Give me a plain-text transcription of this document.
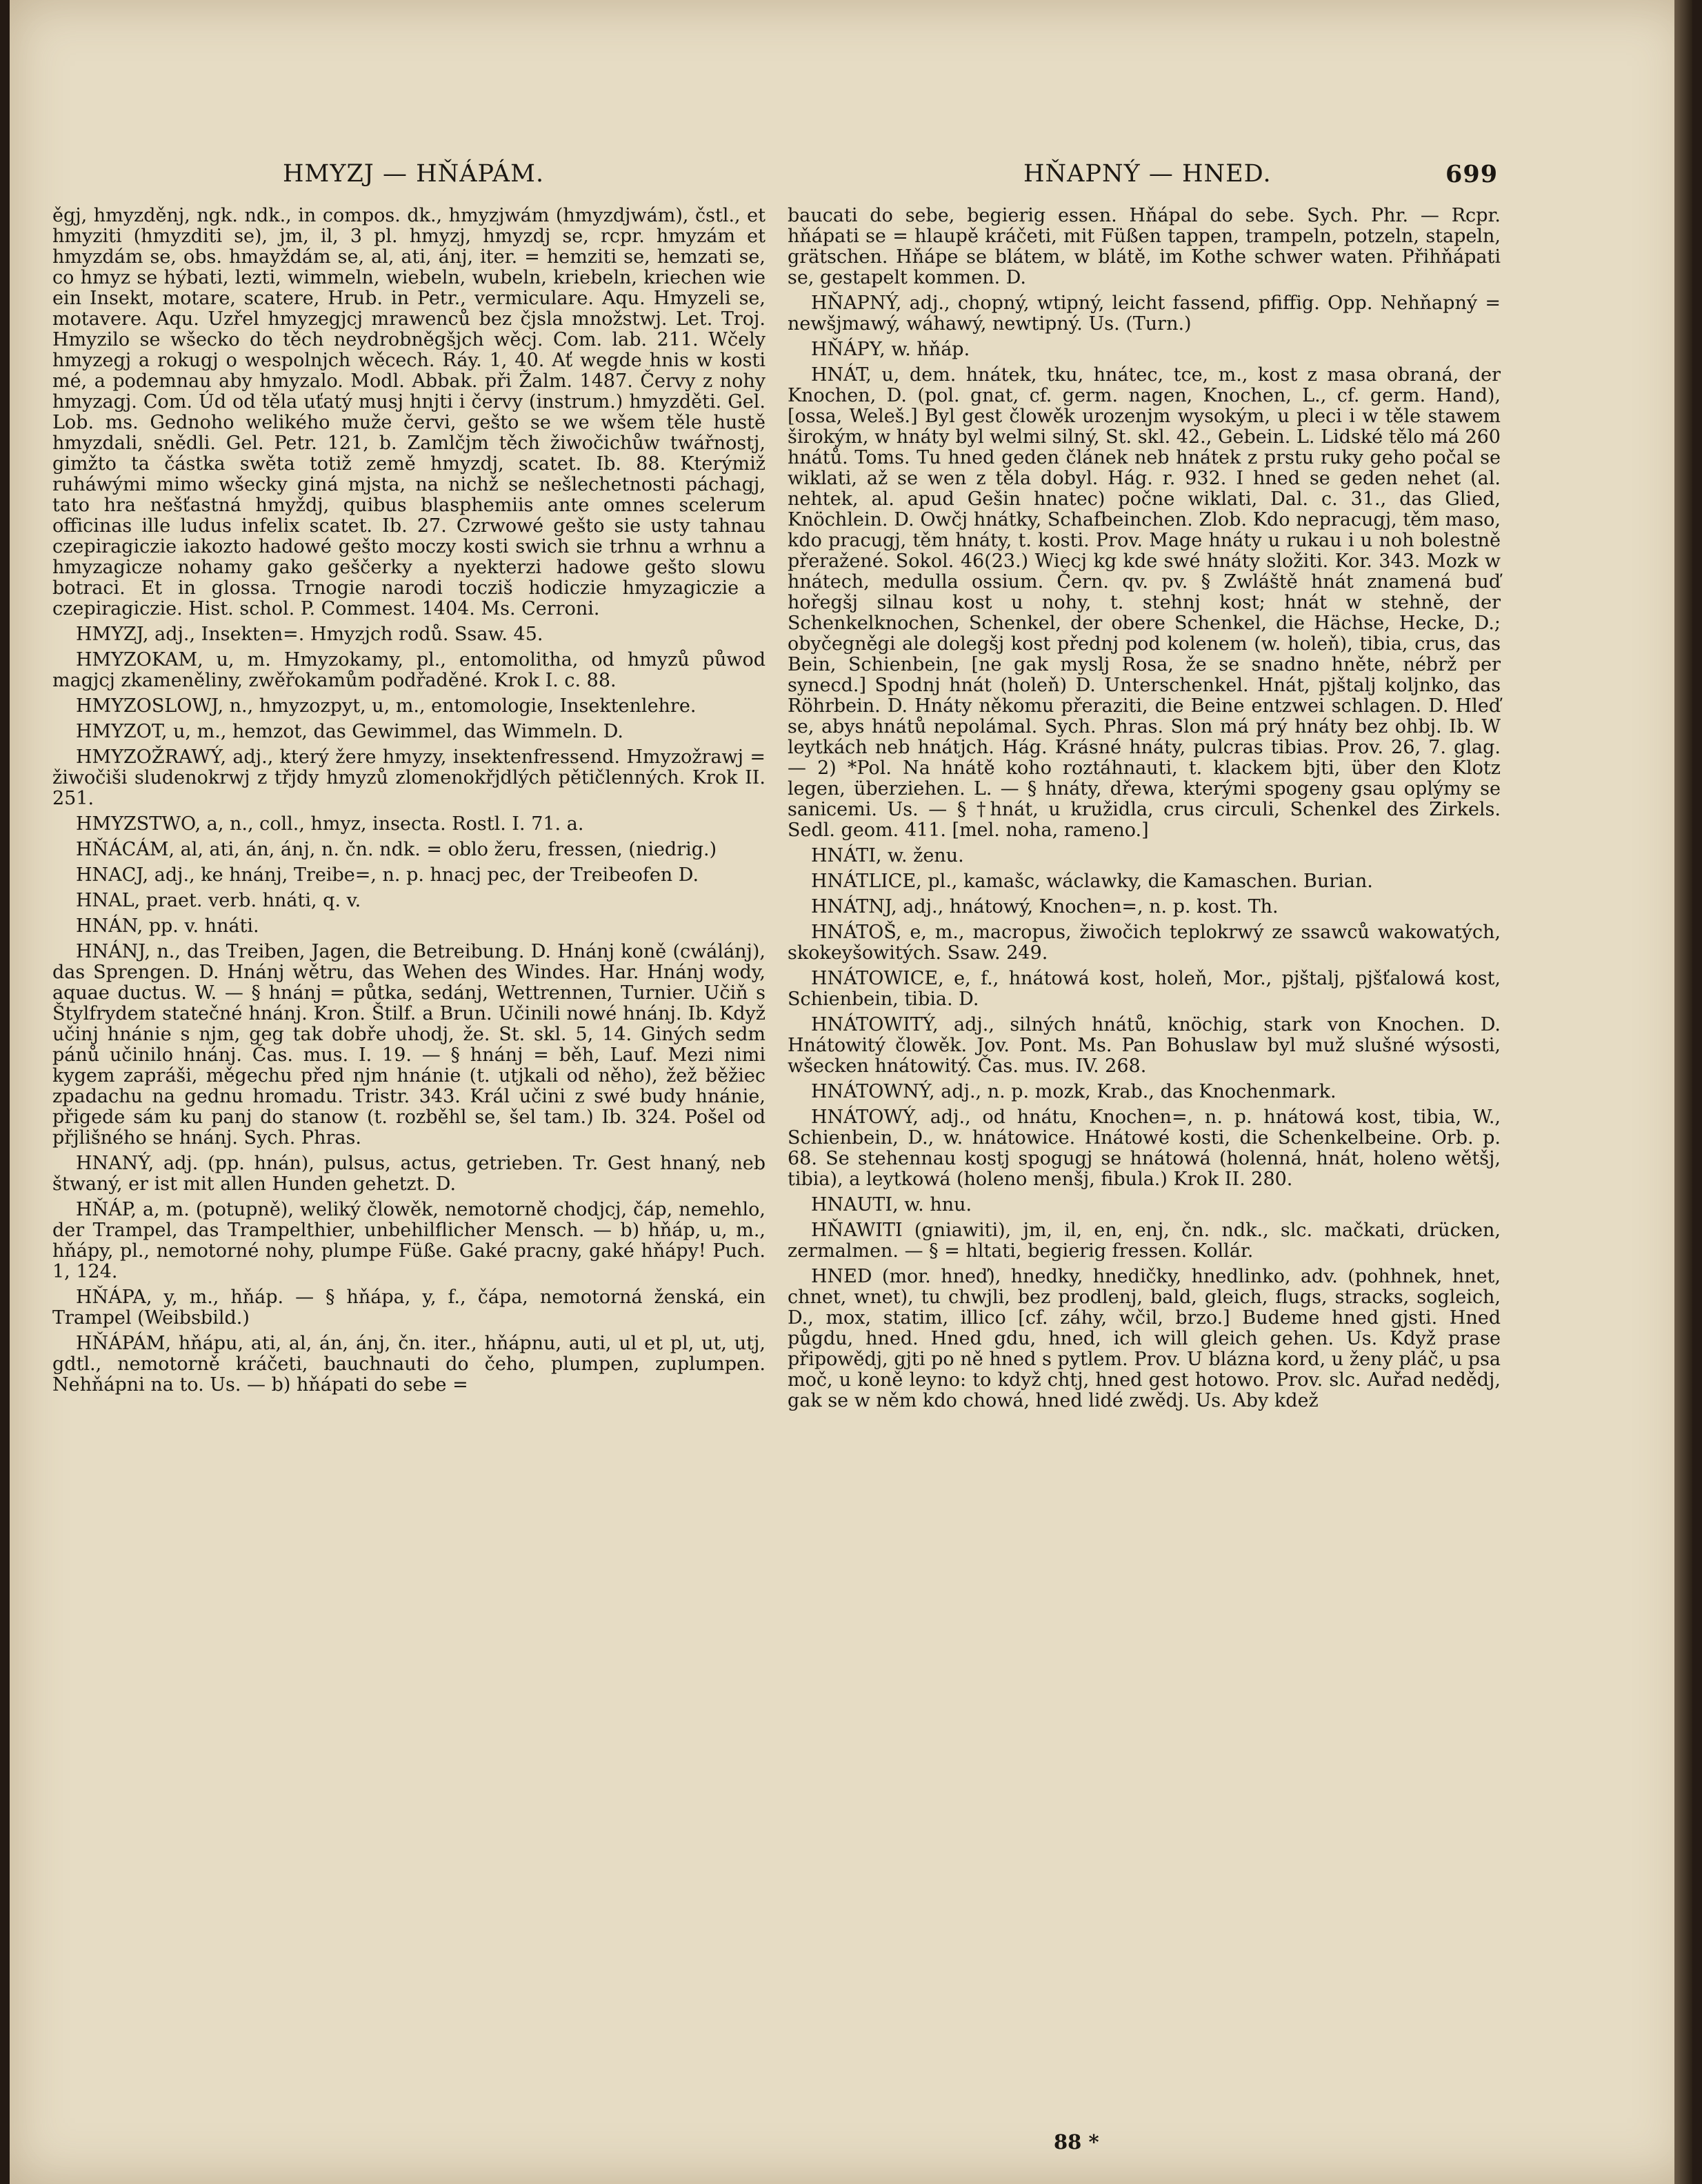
HMYZJ — HŇÁPÁM.	HŇAPNÝ — HNED.	699

ěgj, hmyzděnj, ngk. ndk., in compos. dk., hmyzjwám (hmyzdjwám), čstl., et hmyziti (hmyzditi se), jm, il, 3 pl. hmyzj, hmyzdj se, rcpr. hmyzám et hmyzdám se, obs. hmayždám se, al, ati, ánj, iter. = hemziti se, hemzati se, co hmyz se hýbati, lezti, wimmeln, wiebeln, wubeln, kriebeln, kriechen wie ein Insekt, motare, scatere, Hrub. in Petr., vermiculare. Aqu. Hmyzeli se, motavere. Aqu. Uzřel hmyzegjcj mrawenců bez čjsla množstwj. Let. Troj. Hmyzilo se wšecko do těch neydrobněgšjch wěcj. Com. lab. 211. Wčely hmyzegj a rokugj o wespolnjch wěcech. Ráy. 1, 40. Ať wegde hnis w kosti mé, a podemnau aby hmyzalo. Modl. Abbak. při Žalm. 1487. Červy z nohy hmyzagj. Com. Úd od těla uťatý musj hnjti i červy (instrum.) hmyzděti. Gel. Lob. ms. Gednoho welikého muže červi, gešto se we wšem těle hustě hmyzdali, snědli. Gel. Petr. 121, b. Zamlčjm těch žiwočichůw twářnostj, gimžto ta částka swěta totiž země hmyzdj, scatet. Ib. 88. Kterýmiž ruháwými mimo wšecky giná mjsta, na nichž se nešlechetnosti páchagj, tato hra nešťastná hmyždj, quibus blasphemiis ante omnes scelerum officinas ille ludus infelix scatet. Ib. 27. Czrwowé gešto sie usty tahnau czepiragiczie iakozto hadowé gešto moczy kosti swich sie trhnu a wrhnu a hmyzagicze nohamy gako geščerky a nyekterzi hadowe gešto slowu botraci. Et in glossa. Trnogie narodi tocziš hodiczie hmyzagiczie a czepiragiczie. Hist. schol. P. Commest. 1404. Ms. Cerroni.

HMYZJ, adj., Insekten=. Hmyzjch rodů. Ssaw. 45.

HMYZOKAM, u, m. Hmyzokamy, pl., entomolitha, od hmyzů půwod magjcj zkameněliny, zwěřokamům podřaděné. Krok I. c. 88.

HMYZOSLOWJ, n., hmyzozpyt, u, m., entomologie, Insektenlehre.

HMYZOT, u, m., hemzot, das Gewimmel, das Wimmeln. D.

HMYZOŽRAWÝ, adj., který žere hmyzy, insektenfressend. Hmyzožrawj = žiwočiši sludenokrwj z třjdy hmyzů zlomenokřjdlých pětičlenných. Krok II. 251.

HMYZSTWO, a, n., coll., hmyz, insecta. Rostl. I. 71. a.

HŇÁCÁM, al, ati, án, ánj, n. čn. ndk. = oblo žeru, fressen, (niedrig.)

HNACJ, adj., ke hnánj, Treibe=, n. p. hnacj pec, der Treibeofen D.

HNAL, praet. verb. hnáti, q. v.

HNÁN, pp. v. hnáti.

HNÁNJ, n., das Treiben, Jagen, die Betreibung. D. Hnánj koně (cwálánj), das Sprengen. D. Hnánj wětru, das Wehen des Windes. Har. Hnánj wody, aquae ductus. W. — § hnánj = půtka, sedánj, Wettrennen, Turnier. Učiň s Štylfrydem statečné hnánj. Kron. Štilf. a Brun. Učinili nowé hnánj. Ib. Když učinj hnánie s njm, geg tak dobře uhodj, že. St. skl. 5, 14. Giných sedm pánů učinilo hnánj. Čas. mus. I. 19. — § hnánj = běh, Lauf. Mezi nimi kygem zapráši, měgechu před njm hnánie (t. utjkali od něho), žež běžiec zpadachu na gednu hromadu. Tristr. 343. Král učini z swé budy hnánie, přigede sám ku panj do stanow (t. rozběhl se, šel tam.) Ib. 324. Pošel od přjlišného se hnánj. Sych. Phras.

HNANÝ, adj. (pp. hnán), pulsus, actus, getrieben. Tr. Gest hnaný, neb štwaný, er ist mit allen Hunden gehetzt. D.

HŇÁP, a, m. (potupně), weliký člowěk, nemotorně chodjcj, čáp, nemehlo, der Trampel, das Trampelthier, unbehilflicher Mensch. — b) hňáp, u, m., hňápy, pl., nemotorné nohy, plumpe Füße. Gaké pracny, gaké hňápy! Puch. 1, 124.

HŇÁPA, y, m., hňáp. — § hňápa, y, f., čápa, nemotorná ženská, ein Trampel (Weibsbild.)

HŇÁPÁM, hňápu, ati, al, án, ánj, čn. iter., hňápnu, auti, ul et pl, ut, utj, gdtl., nemotorně kráčeti, bauchnauti do čeho, plumpen, zuplumpen. Nehňápni na to. Us. — b) hňápati do sebe =

baucati do sebe, begierig essen. Hňápal do sebe. Sych. Phr. — Rcpr. hňápati se = hlaupě kráčeti, mit Füßen tappen, trampeln, potzeln, stapeln, grätschen. Hňápe se blátem, w blátě, im Kothe schwer waten. Přihňápati se, gestapelt kommen. D.

HŇAPNÝ, adj., chopný, wtipný, leicht fassend, pfiffig. Opp. Nehňapný = newšjmawý, wáhawý, newtipný. Us. (Turn.)

HŇÁPY, w. hňáp.

HNÁT, u, dem. hnátek, tku, hnátec, tce, m., kost z masa obraná, der Knochen, D. (pol. gnat, cf. germ. nagen, Knochen, L., cf. germ. Hand), [ossa, Weleš.] Byl gest člowěk urozenjm wysokým, u pleci i w těle stawem širokým, w hnáty byl welmi silný, St. skl. 42., Gebein. L. Lidské tělo má 260 hnátů. Toms. Tu hned geden článek neb hnátek z prstu ruky geho počal se wiklati, až se wen z těla dobyl. Hág. r. 932. I hned se geden nehet (al. nehtek, al. apud Gešin hnatec) počne wiklati, Dal. c. 31., das Glied, Knöchlein. D. Owčj hnátky, Schafbeinchen. Zlob. Kdo nepracugj, těm maso, kdo pracugj, těm hnáty, t. kosti. Prov. Mage hnáty u rukau i u noh bolestně přeražené. Sokol. 46(23.) Wiecj kg kde swé hnáty složiti. Kor. 343. Mozk w hnátech, medulla ossium. Čern. qv. pv. § Zwláště hnát znamená buď hořegšj silnau kost u nohy, t. stehnj kost; hnát w stehně, der Schenkelknochen, Schenkel, der obere Schenkel, die Hächse, Hecke, D.; obyčegněgi ale dolegšj kost přednj pod kolenem (w. holeň), tibia, crus, das Bein, Schienbein, [ne gak myslj Rosa, že se snadno hněte, nébrž per synecd.] Spodnj hnát (holeň) D. Unterschenkel. Hnát, pjštalj koljnko, das Röhrbein. D. Hnáty někomu přeraziti, die Beine entzwei schlagen. D. Hleď se, abys hnátů nepolámal. Sych. Phras. Slon má prý hnáty bez ohbj. Ib. W leytkách neb hnátjch. Hág. Krásné hnáty, pulcras tibias. Prov. 26, 7. glag. — 2) *Pol. Na hnátě koho roztáhnauti, t. klackem bjti, über den Klotz legen, überziehen. L. — § hnáty, dřewa, kterými spogeny gsau oplýmy se sanicemi. Us. — § †hnát, u kružidla, crus circuli, Schenkel des Zirkels. Sedl. geom. 411. [mel. noha, rameno.]

HNÁTI, w. ženu.

HNÁTLICE, pl., kamašc, wáclawky, die Kamaschen. Burian.

HNÁTNJ, adj., hnátowý, Knochen=, n. p. kost. Th.

HNÁTOŠ, e, m., macropus, žiwočich teplokrwý ze ssawců wakowatých, skokeyšowitých. Ssaw. 249.

HNÁTOWICE, e, f., hnátowá kost, holeň, Mor., pjštalj, pjšťalowá kost, Schienbein, tibia. D.

HNÁTOWITÝ, adj., silných hnátů, knöchig, stark von Knochen. D. Hnátowitý člowěk. Jov. Pont. Ms. Pan Bohuslaw byl muž slušné wýsosti, wšecken hnátowitý. Čas. mus. IV. 268.

HNÁTOWNÝ, adj., n. p. mozk, Krab., das Knochenmark.

HNÁTOWÝ, adj., od hnátu, Knochen=, n. p. hnátowá kost, tibia, W., Schienbein, D., w. hnátowice. Hnátowé kosti, die Schenkelbeine. Orb. p. 68. Se stehennau kostj spogugj se hnátowá (holenná, hnát, holeno wětšj, tibia), a leytkowá (holeno menšj, fibula.) Krok II. 280.

HNAUTI, w. hnu.

HŇAWITI (gniawiti), jm, il, en, enj, čn. ndk., slc. mačkati, drücken, zermalmen. — § = hltati, begierig fressen. Kollár.

HNED (mor. hneď), hnedky, hnedičky, hnedlinko, adv. (pohhnek, hnet, chnet, wnet), tu chwjli, bez prodlenj, bald, gleich, flugs, stracks, sogleich, D., mox, statim, illico [cf. záhy, wčil, brzo.] Budeme hned gjsti. Hned půgdu, hned. Hned gdu, hned, ich will gleich gehen. Us. Když prase připowědj, gjti po ně hned s pytlem. Prov. U blázna kord, u ženy pláč, u psa moč, u koně leyno: to když chtj, hned gest hotowo. Prov. slc. Auřad nedědj, gak se w něm kdo chowá, hned lidé zwědj. Us. Aby kdež

88 *
